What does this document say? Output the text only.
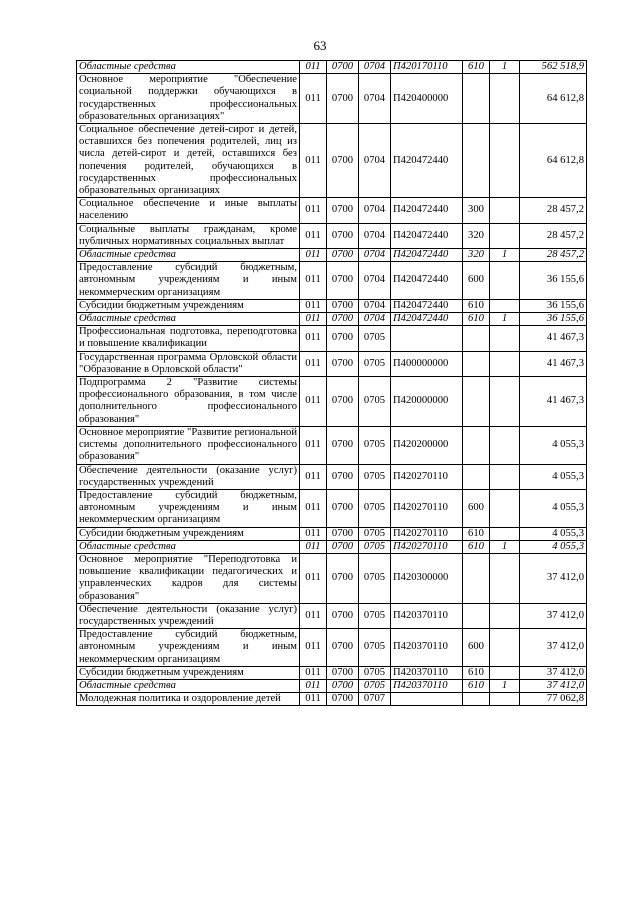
63
Областные средства	011	0700	0704	П420170110	610	1	562 518,9
Основное мероприятие "Обеспечение социальной поддержки обучающихся в государственных профессиональных образовательных организациях"	011	0700	0704	П420400000			64 612,8
Социальное обеспечение детей-сирот и детей, оставшихся без попечения родителей, лиц из числа детей-сирот и детей, оставшихся без попечения родителей, обучающихся в государственных профессиональных образовательных организациях	011	0700	0704	П420472440			64 612,8
Социальное обеспечение и иные выплаты населению	011	0700	0704	П420472440	300		28 457,2
Социальные выплаты гражданам, кроме публичных нормативных социальных выплат	011	0700	0704	П420472440	320		28 457,2
Областные средства	011	0700	0704	П420472440	320	1	28 457,2
Предоставление субсидий бюджетным, автономным учреждениям и иным некоммерческим организациям	011	0700	0704	П420472440	600		36 155,6
Субсидии бюджетным учреждениям	011	0700	0704	П420472440	610		36 155,6
Областные средства	011	0700	0704	П420472440	610	1	36 155,6
Профессиональная подготовка, переподготовка и повышение квалификации	011	0700	0705				41 467,3
Государственная программа Орловской области "Образование в Орловской области"	011	0700	0705	П400000000			41 467,3
Подпрограмма 2 "Развитие системы профессионального образования, в том числе дополнительного профессионального образования"	011	0700	0705	П420000000			41 467,3
Основное мероприятие "Развитие региональной системы дополнительного профессионального образования"	011	0700	0705	П420200000			4 055,3
Обеспечение деятельности (оказание услуг) государственных учреждений	011	0700	0705	П420270110			4 055,3
Предоставление субсидий бюджетным, автономным учреждениям и иным некоммерческим организациям	011	0700	0705	П420270110	600		4 055,3
Субсидии бюджетным учреждениям	011	0700	0705	П420270110	610		4 055,3
Областные средства	011	0700	0705	П420270110	610	1	4 055,3
Основное мероприятие "Переподготовка и повышение квалификации педагогических и управленческих кадров для системы образования"	011	0700	0705	П420300000			37 412,0
Обеспечение деятельности (оказание услуг) государственных учреждений	011	0700	0705	П420370110			37 412,0
Предоставление субсидий бюджетным, автономным учреждениям и иным некоммерческим организациям	011	0700	0705	П420370110	600		37 412,0
Субсидии бюджетным учреждениям	011	0700	0705	П420370110	610		37 412,0
Областные средства	011	0700	0705	П420370110	610	1	37 412,0
Молодежная политика и оздоровление детей	011	0700	0707				77 062,8
